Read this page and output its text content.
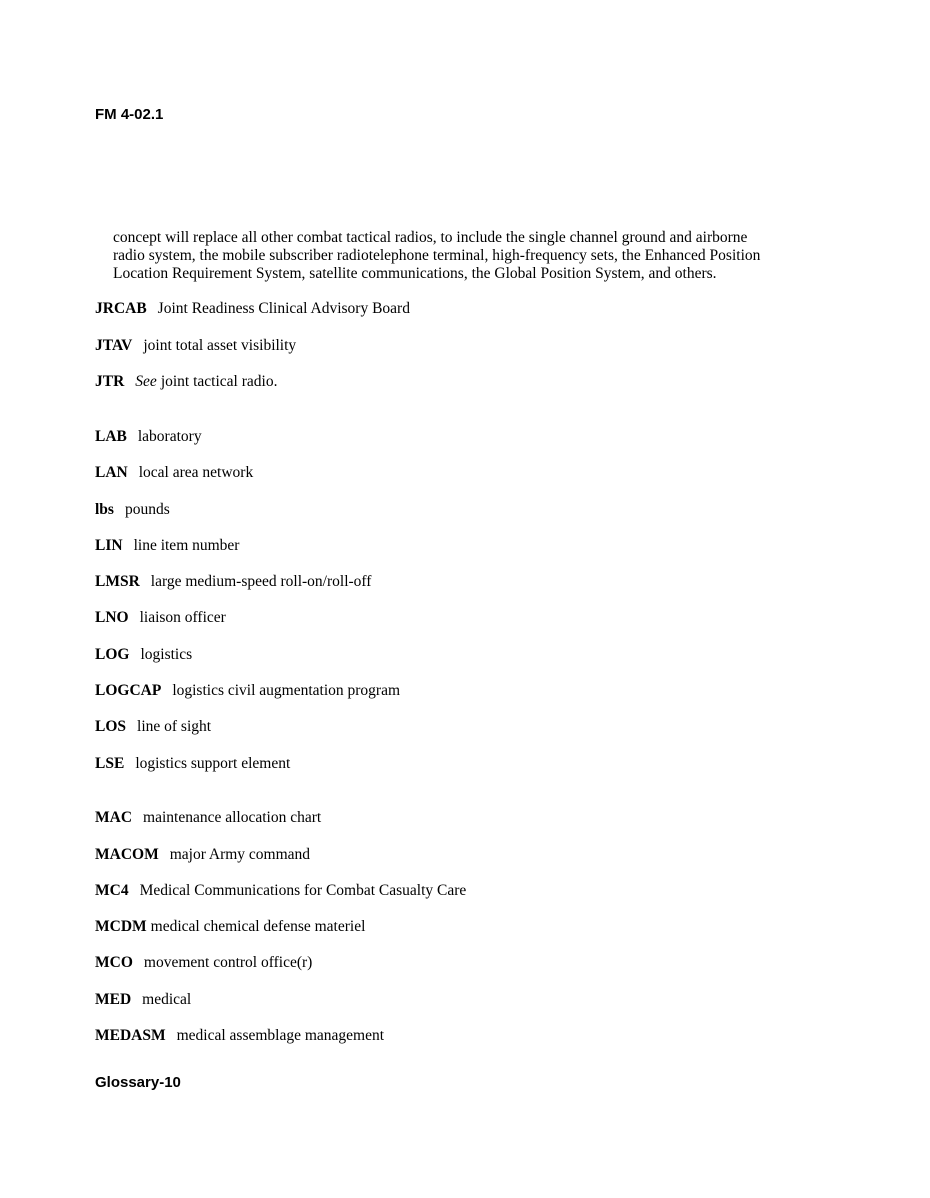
FM 4-02.1
concept will replace all other combat tactical radios, to include the single channel ground and airborne
radio system, the mobile subscriber radiotelephone terminal, high-frequency sets, the Enhanced Position
Location Requirement System, satellite communications, the Global Position System, and others.
JRCAB Joint Readiness Clinical Advisory Board
JTAV joint total asset visibility
JTR See joint tactical radio.
LAB laboratory
LAN local area network
lbs pounds
LIN line item number
LMSR large medium-speed roll-on/roll-off
LNO liaison officer
LOG logistics
LOGCAP logistics civil augmentation program
LOS line of sight
LSE logistics support element
MAC maintenance allocation chart
MACOM major Army command
MC4 Medical Communications for Combat Casualty Care
MCDM medical chemical defense materiel
MCO movement control office(r)
MED medical
MEDASM medical assemblage management
Glossary-10
